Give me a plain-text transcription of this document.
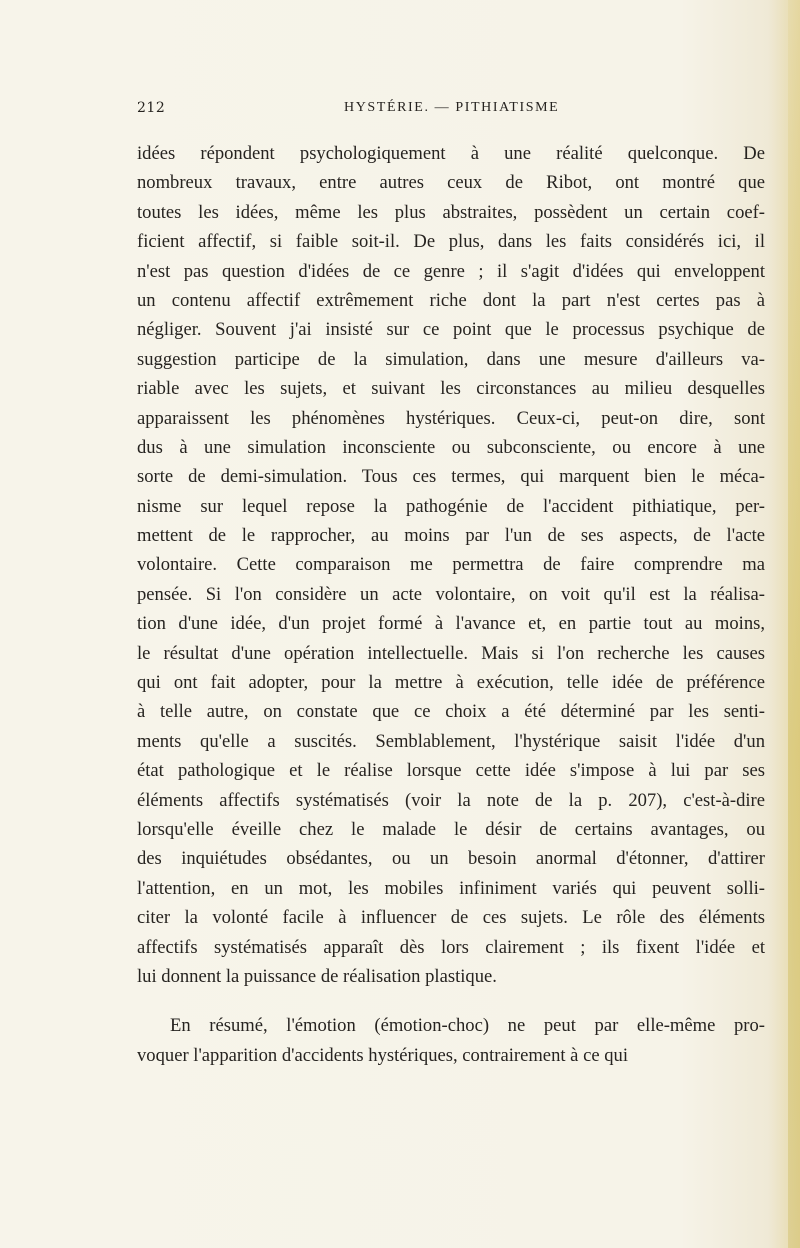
212	HYSTÉRIE. — PITHIATISME
idées répondent psychologiquement à une réalité quelconque. De
nombreux travaux, entre autres ceux de Ribot, ont montré que
toutes les idées, même les plus abstraites, possèdent un certain coef-
ficient affectif, si faible soit-il. De plus, dans les faits considérés ici, il
n'est pas question d'idées de ce genre ; il s'agit d'idées qui enveloppent
un contenu affectif extrêmement riche dont la part n'est certes pas à
négliger. Souvent j'ai insisté sur ce point que le processus psychique de
suggestion participe de la simulation, dans une mesure d'ailleurs va-
riable avec les sujets, et suivant les circonstances au milieu desquelles
apparaissent les phénomènes hystériques. Ceux-ci, peut-on dire, sont
dus à une simulation inconsciente ou subconsciente, ou encore à une
sorte de demi-simulation. Tous ces termes, qui marquent bien le méca-
nisme sur lequel repose la pathogénie de l'accident pithiatique, per-
mettent de le rapprocher, au moins par l'un de ses aspects, de l'acte
volontaire. Cette comparaison me permettra de faire comprendre ma
pensée. Si l'on considère un acte volontaire, on voit qu'il est la réalisa-
tion d'une idée, d'un projet formé à l'avance et, en partie tout au moins,
le résultat d'une opération intellectuelle. Mais si l'on recherche les causes
qui ont fait adopter, pour la mettre à exécution, telle idée de préférence
à telle autre, on constate que ce choix a été déterminé par les senti-
ments qu'elle a suscités. Semblablement, l'hystérique saisit l'idée d'un
état pathologique et le réalise lorsque cette idée s'impose à lui par ses
éléments affectifs systématisés (voir la note de la p. 207), c'est-à-dire
lorsqu'elle éveille chez le malade le désir de certains avantages, ou
des inquiétudes obsédantes, ou un besoin anormal d'étonner, d'attirer
l'attention, en un mot, les mobiles infiniment variés qui peuvent solli-
citer la volonté facile à influencer de ces sujets. Le rôle des éléments
affectifs systématisés apparaît dès lors clairement ; ils fixent l'idée et
lui donnent la puissance de réalisation plastique.
En résumé, l'émotion (émotion-choc) ne peut par elle-même pro-
voquer l'apparition d'accidents hystériques, contrairement à ce qui
